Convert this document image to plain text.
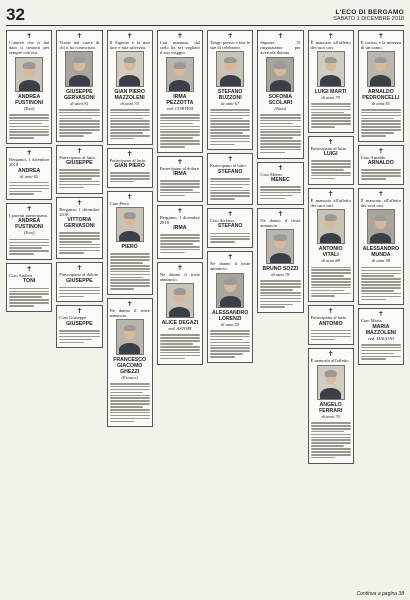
32	L'ECO DI BERGAMO
SABATO 1 DICEMBRE 2018
✝
L'amore che ci hai dato ti rimarrà per sempre con noi.
ANDREA FUSTINONI
(Toni)
✝
Bergamo, 1 dicembre 2018
ANDREA
di anni 82
✝
I parenti partecipano.
ANDREA FUSTINONI
(Toni)
✝
Ciao Andrea
TONI
✝
Vivrai nel cuore di chi ti ha conosciuto.
GIUSEPPE GERVASONI
di anni 91
✝
Partecipano al lutto.
GIUSEPPE
✝
Bergamo, 1 dicembre 2018
VITTORIA GERVASONI
✝
Partecipano al dolore.
GIUSEPPE
✝
Ciao Giuseppe
GIUSEPPE
✝
Il Signore è la mia luce e mia salvezza.
GIAN PIERO MAZZOLENI
di anni 74
✝
Partecipano al lutto.
GIAN PIERO
✝
Ciao Piero
PIERO
✝
Ne danno il triste annuncio.
FRANCESCO GIACOMO GHEZZI
(Franco)
✝
Con mamma, dal cielo ha sei vegliato il suo viaggio.
IRMA PEZZOTTA
ved. CORTESI
✝
Partecipano al dolore.
IRMA
✝
Bergamo, 1 dicembre 2018
IRMA
✝
Ne danno il triste annuncio.
ALICE DEGAZI
ved. ASTORI
✝
Tengo presso e fate le sue di celebrano.
STEFANO BUZZONI
di anni 67
✝
Partecipano al lutto.
STEFANO
✝
Ciao Stefano
STEFANO
✝
Ne danno il triste annuncio.
ALESSANDRO LORENZI
di anni 55
✝
Signore Ti ringraziamo per avercela donata.
SOFONIA SCOLARI
(Nina)
✝
Ciao Menec
MENEC
✝
Ne danno il triste annuncio.
BRUNO SOZZI
di anni 78
✝
È mancato all'affetto dei suoi cari.
LUIGI MARTI
di anni 79
✝
Partecipano al lutto.
LUIGI
✝
È mancato all'affetto dei suoi cari.
ANTONIO VITALI
di anni 88
✝
Partecipano al lutto.
ANTONIO
✝
È mancato all'affetto.
ANGELO FERRARI
di anni 70
✝
Il sorriso e la mitezza di un uomo.
ARNALDO PEDRONCELLI
di anni 81
✝
Ciao Arnaldo
ARNALDO
✝
È mancato all'affetto dei suoi cari.
ALESSANDRO MUNDA
di anni 58
✝
Ciao Maria
MARIA MAZZOLENI
ved. MAGONI
Continua a pagina 38
